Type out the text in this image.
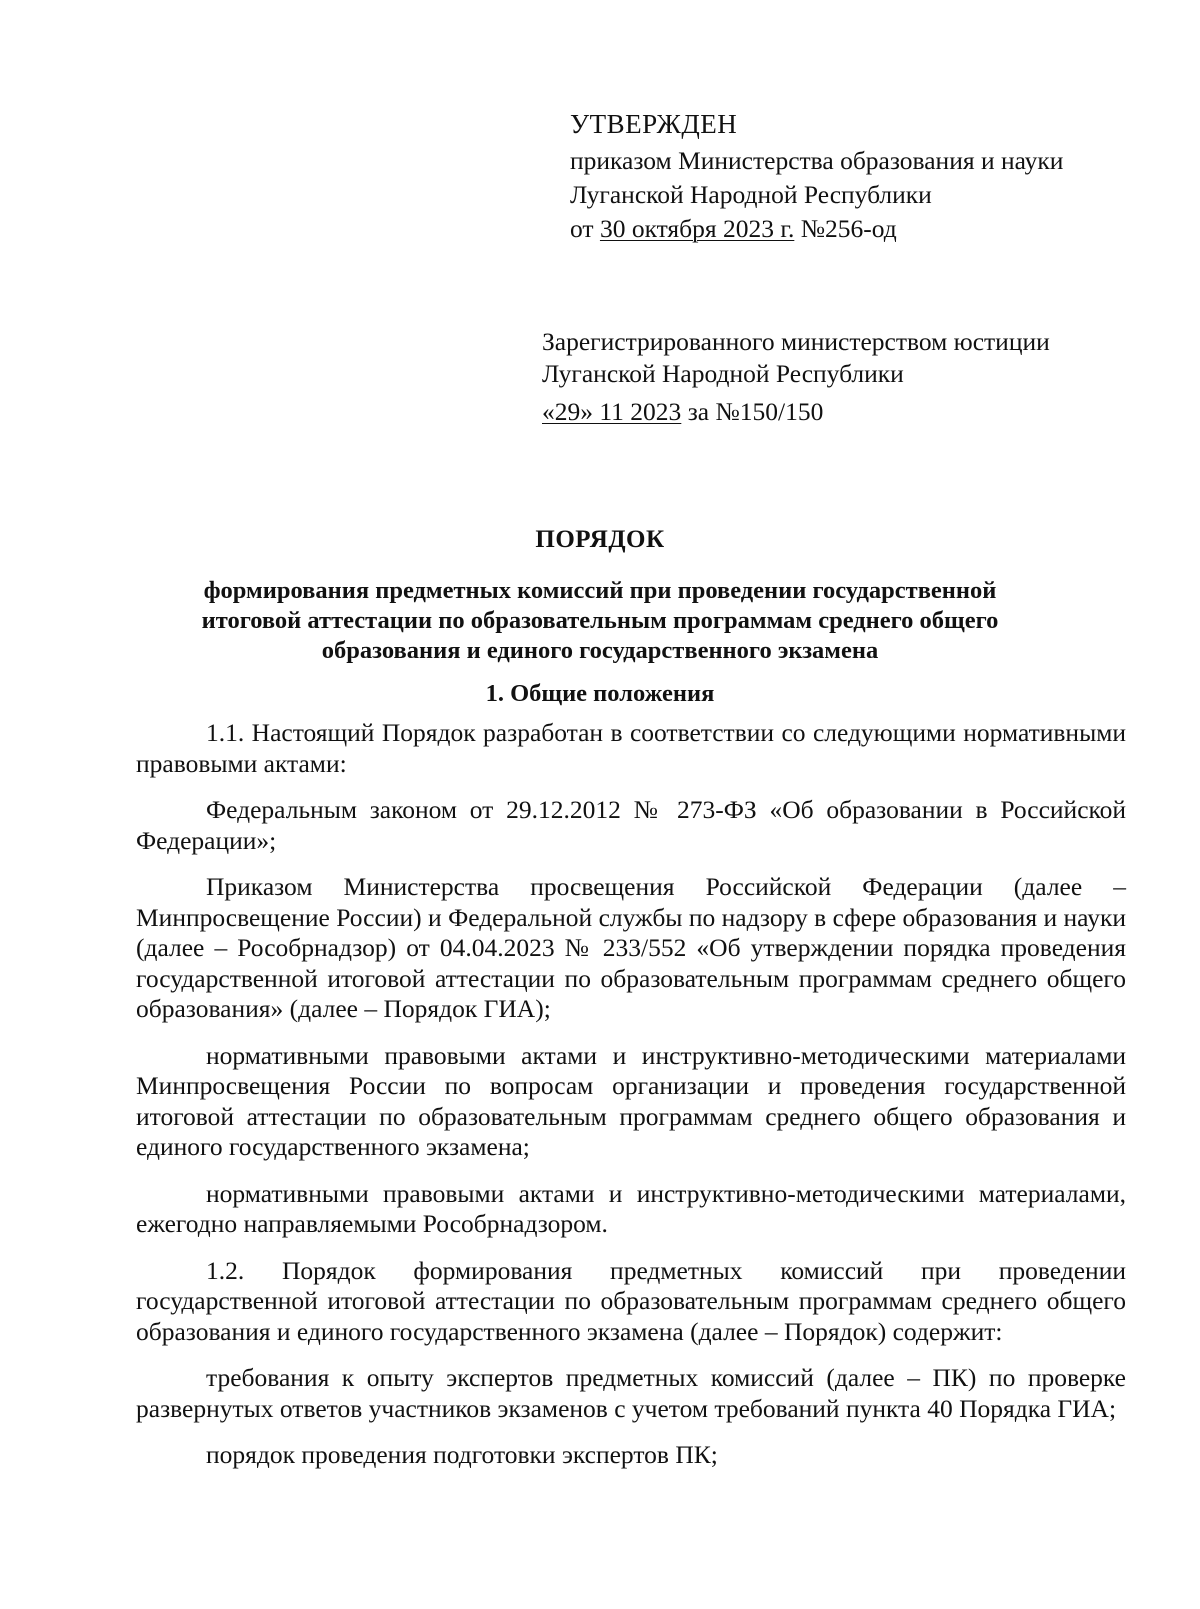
УТВЕРЖДЕН
приказом Министерства образования и науки
Луганской Народной Республики
от 30 октября 2023 г. №256-од
Зарегистрированного министерством юстиции
Луганской Народной Республики
«29» 11 2023 за №150/150
ПОРЯДОК
формирования предметных комиссий при проведении государственной
итоговой аттестации по образовательным программам среднего общего
образования и единого государственного экзамена
1. Общие положения

1.1. Настоящий Порядок разработан в соответствии со следующими нормативными правовыми актами:

Федеральным законом от 29.12.2012 № 273-ФЗ «Об образовании в Российской Федерации»;

Приказом Министерства просвещения Российской Федерации (далее – Минпросвещение России) и Федеральной службы по надзору в сфере образования и науки (далее – Рособрнадзор) от 04.04.2023 № 233/552 «Об утверждении порядка проведения государственной итоговой аттестации по образовательным программам среднего общего образования» (далее – Порядок ГИА);

нормативными правовыми актами и инструктивно-методическими материалами Минпросвещения России по вопросам организации и проведения государственной итоговой аттестации по образовательным программам среднего общего образования и единого государственного экзамена;

нормативными правовыми актами и инструктивно-методическими материалами, ежегодно направляемыми Рособрнадзором.

1.2. Порядок формирования предметных комиссий при проведении государственной итоговой аттестации по образовательным программам среднего общего образования и единого государственного экзамена (далее – Порядок) содержит:

требования к опыту экспертов предметных комиссий (далее – ПК) по проверке развернутых ответов участников экзаменов с учетом требований пункта 40 Порядка ГИА;

порядок проведения подготовки экспертов ПК;
